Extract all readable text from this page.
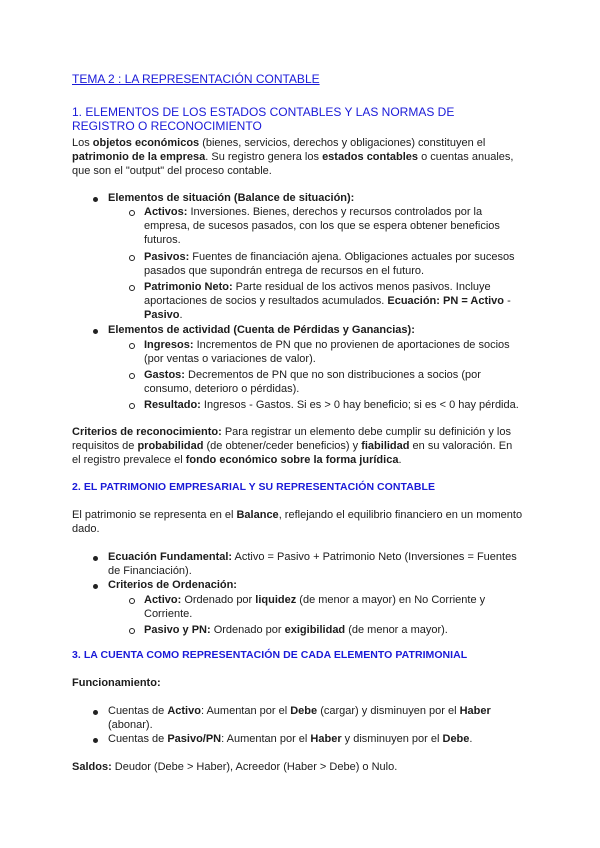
TEMA 2 : LA REPRESENTACIÓN CONTABLE
1. ELEMENTOS DE LOS ESTADOS CONTABLES Y LAS NORMAS DE
REGISTRO O RECONOCIMIENTO
Los objetos económicos (bienes, servicios, derechos y obligaciones) constituyen el
patrimonio de la empresa. Su registro genera los estados contables o cuentas anuales,
que son el "output" del proceso contable.
Elementos de situación (Balance de situación):
Activos: Inversiones. Bienes, derechos y recursos controlados por la
empresa, de sucesos pasados, con los que se espera obtener beneficios
futuros.
Pasivos: Fuentes de financiación ajena. Obligaciones actuales por sucesos
pasados que supondrán entrega de recursos en el futuro.
Patrimonio Neto: Parte residual de los activos menos pasivos. Incluye
aportaciones de socios y resultados acumulados. Ecuación: PN = Activo -
Pasivo.
Elementos de actividad (Cuenta de Pérdidas y Ganancias):
Ingresos: Incrementos de PN que no provienen de aportaciones de socios
(por ventas o variaciones de valor).
Gastos: Decrementos de PN que no son distribuciones a socios (por
consumo, deterioro o pérdidas).
Resultado: Ingresos - Gastos. Si es > 0 hay beneficio; si es < 0 hay pérdida.
Criterios de reconocimiento: Para registrar un elemento debe cumplir su definición y los
requisitos de probabilidad (de obtener/ceder beneficios) y fiabilidad en su valoración. En
el registro prevalece el fondo económico sobre la forma jurídica.
2. EL PATRIMONIO EMPRESARIAL Y SU REPRESENTACIÓN CONTABLE
El patrimonio se representa en el Balance, reflejando el equilibrio financiero en un momento
dado.
Ecuación Fundamental: Activo = Pasivo + Patrimonio Neto (Inversiones = Fuentes
de Financiación).
Criterios de Ordenación:
Activo: Ordenado por liquidez (de menor a mayor) en No Corriente y
Corriente.
Pasivo y PN: Ordenado por exigibilidad (de menor a mayor).
3. LA CUENTA COMO REPRESENTACIÓN DE CADA ELEMENTO PATRIMONIAL
Funcionamiento:
Cuentas de Activo: Aumentan por el Debe (cargar) y disminuyen por el Haber
(abonar).
Cuentas de Pasivo/PN: Aumentan por el Haber y disminuyen por el Debe.
Saldos: Deudor (Debe > Haber), Acreedor (Haber > Debe) o Nulo.
